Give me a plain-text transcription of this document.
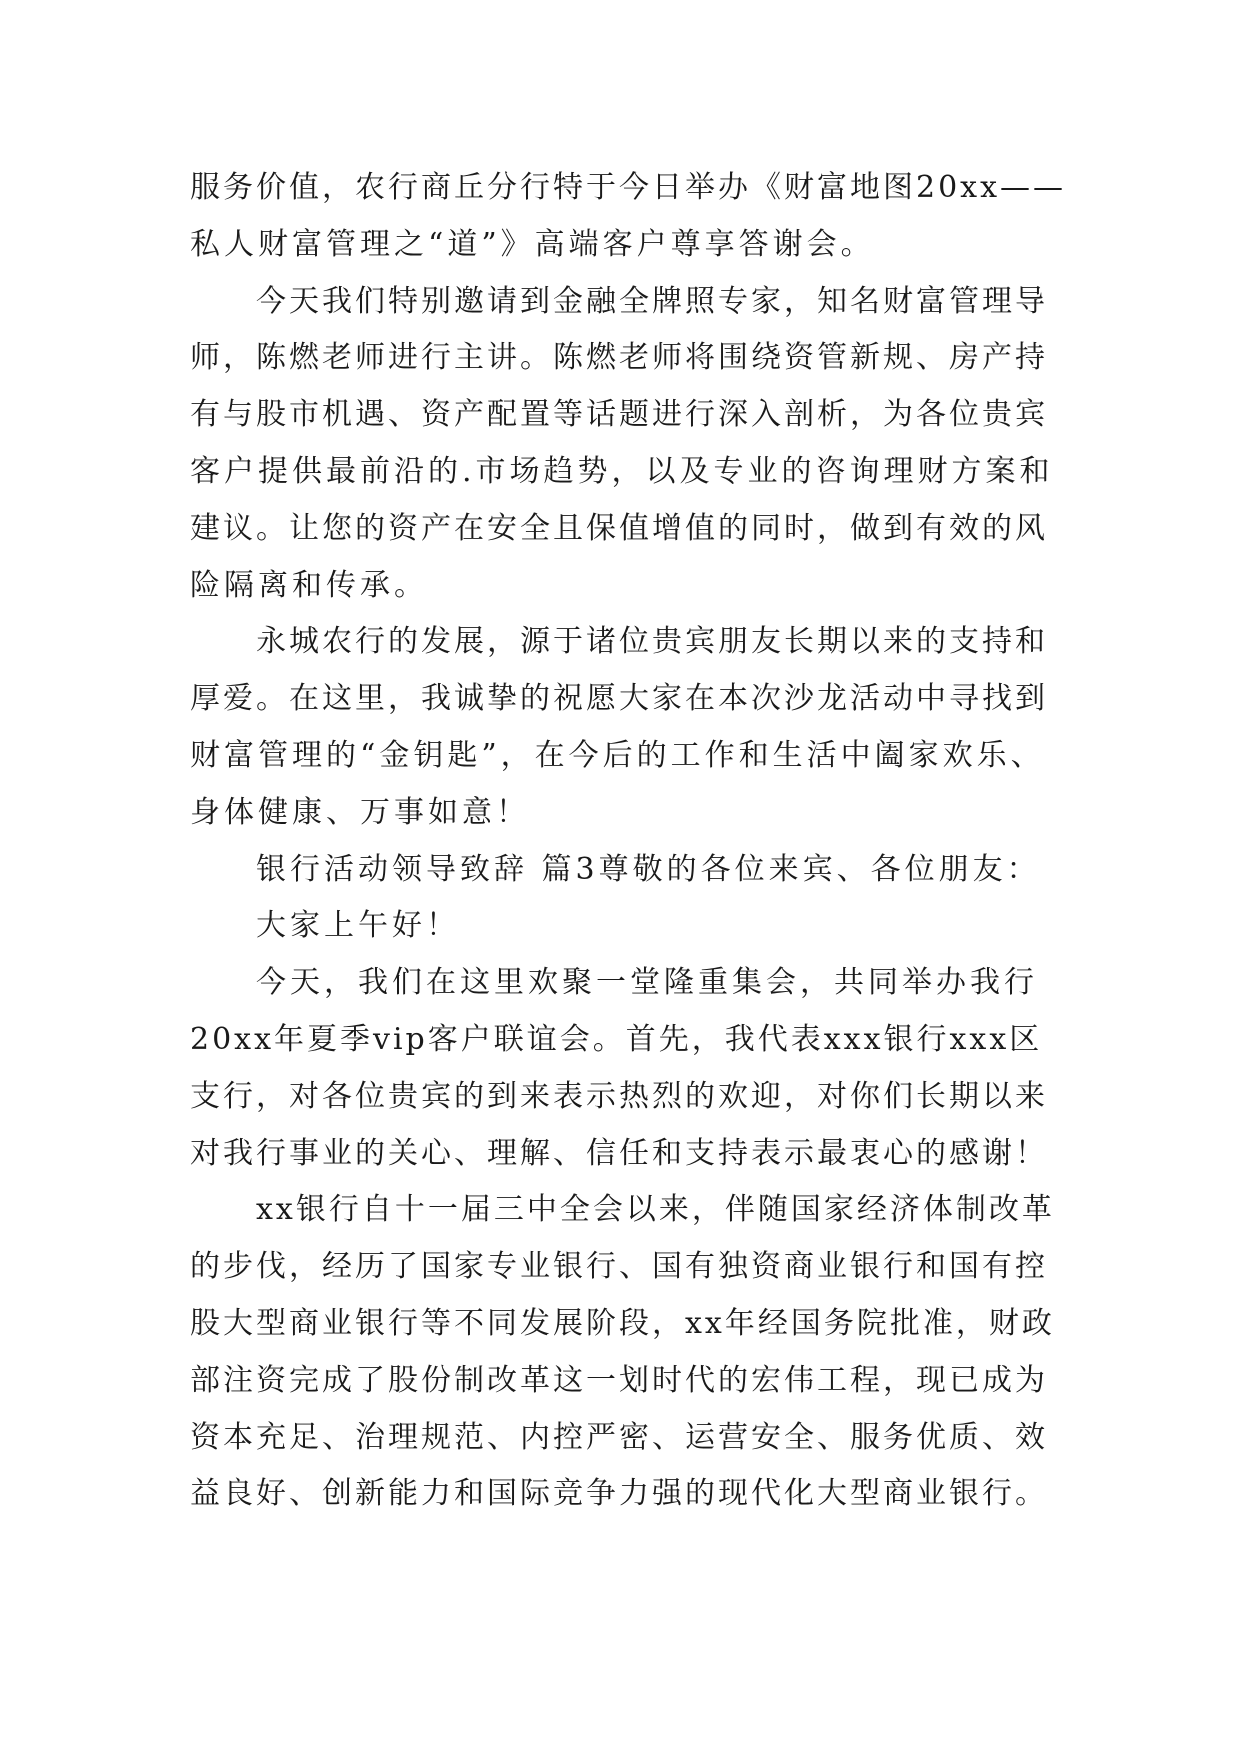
服务价值，农行商丘分行特于今日举办《财富地图20xx——
私人财富管理之“道”》高端客户尊享答谢会。
今天我们特别邀请到金融全牌照专家，知名财富管理导
师，陈燃老师进行主讲。陈燃老师将围绕资管新规、房产持
有与股市机遇、资产配置等话题进行深入剖析，为各位贵宾
客户提供最前沿的.市场趋势，以及专业的咨询理财方案和
建议。让您的资产在安全且保值增值的同时，做到有效的风
险隔离和传承。
永城农行的发展，源于诸位贵宾朋友长期以来的支持和
厚爱。在这里，我诚挚的祝愿大家在本次沙龙活动中寻找到
财富管理的“金钥匙”，在今后的工作和生活中阖家欢乐、
身体健康、万事如意！
银行活动领导致辞 篇3尊敬的各位来宾、各位朋友：
大家上午好！
今天，我们在这里欢聚一堂隆重集会，共同举办我行
20xx年夏季vip客户联谊会。首先，我代表xxx银行xxx区
支行，对各位贵宾的到来表示热烈的欢迎，对你们长期以来
对我行事业的关心、理解、信任和支持表示最衷心的感谢！
xx银行自十一届三中全会以来，伴随国家经济体制改革
的步伐，经历了国家专业银行、国有独资商业银行和国有控
股大型商业银行等不同发展阶段，xx年经国务院批准，财政
部注资完成了股份制改革这一划时代的宏伟工程，现已成为
资本充足、治理规范、内控严密、运营安全、服务优质、效
益良好、创新能力和国际竞争力强的现代化大型商业银行。
